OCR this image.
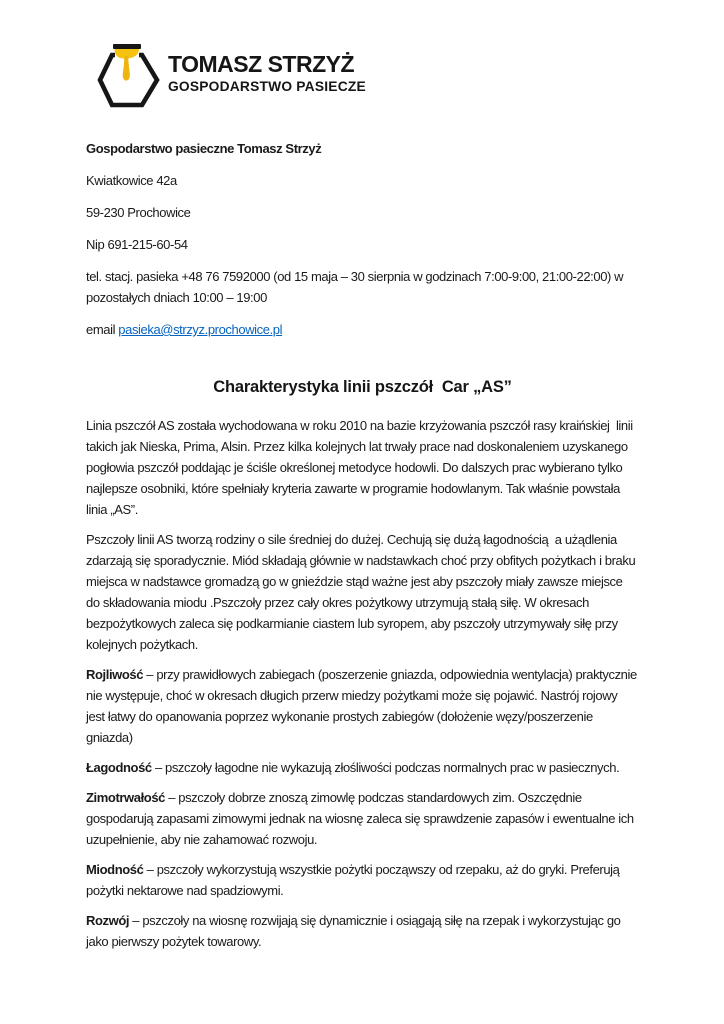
TOMASZ STRZYŻ
GOSPODARSTWO PASIECZE

Gospodarstwo pasieczne Tomasz Strzyż

Kwiatkowice 42a

59-230 Prochowice

Nip 691-215-60-54

tel. stacj. pasieka +48 76 7592000 (od 15 maja – 30 sierpnia w godzinach 7:00-9:00, 21:00-22:00) w pozostałych dniach 10:00 – 19:00

email pasieka@strzyz.prochowice.pl

Charakterystyka linii pszczół  Car „AS”

Linia pszczół AS została wychodowana w roku 2010 na bazie krzyżowania pszczół rasy kraińskiej  linii takich jak Nieska, Prima, Alsin. Przez kilka kolejnych lat trwały prace nad doskonaleniem uzyskanego pogłowia pszczół poddając je ściśle określonej metodyce hodowli. Do dalszych prac wybierano tylko najlepsze osobniki, które spełniały kryteria zawarte w programie hodowlanym. Tak właśnie powstała linia „AS”.

Pszczoły linii AS tworzą rodziny o sile średniej do dużej. Cechują się dużą łagodnością  a użądlenia zdarzają się sporadycznie. Miód składają głównie w nadstawkach choć przy obfitych pożytkach i braku miejsca w nadstawce gromadzą go w gnieździe stąd ważne jest aby pszczoły miały zawsze miejsce do składowania miodu .Pszczoły przez cały okres pożytkowy utrzymują stałą siłę. W okresach bezpożytkowych zaleca się podkarmianie ciastem lub syropem, aby pszczoły utrzymywały siłę przy kolejnych pożytkach.

Rojliwość – przy prawidłowych zabiegach (poszerzenie gniazda, odpowiednia wentylacja) praktycznie nie występuje, choć w okresach długich przerw miedzy pożytkami może się pojawić. Nastrój rojowy jest łatwy do opanowania poprzez wykonanie prostych zabiegów (dołożenie węzy/poszerzenie gniazda)

Łagodność – pszczoły łagodne nie wykazują złośliwości podczas normalnych prac w pasiecznych.

Zimotrwałość – pszczoły dobrze znoszą zimowlę podczas standardowych zim. Oszczędnie gospodarują zapasami zimowymi jednak na wiosnę zaleca się sprawdzenie zapasów i ewentualne ich uzupełnienie, aby nie zahamować rozwoju.

Miodność – pszczoły wykorzystują wszystkie pożytki począwszy od rzepaku, aż do gryki. Preferują pożytki nektarowe nad spadziowymi.

Rozwój – pszczoły na wiosnę rozwijają się dynamicznie i osiągają siłę na rzepak i wykorzystując go jako pierwszy pożytek towarowy.
